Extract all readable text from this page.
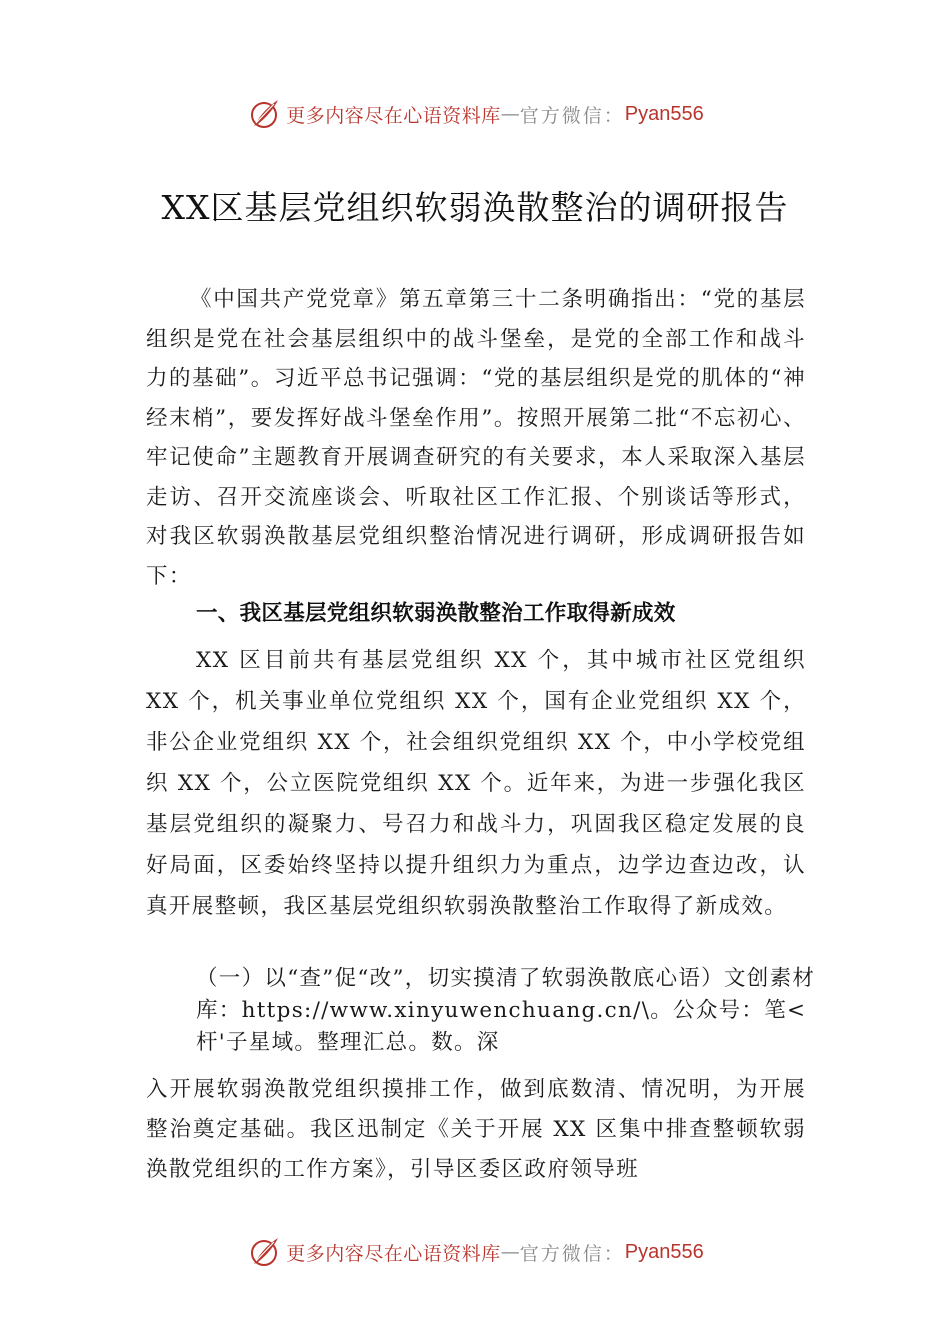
更多内容尽在心语资料库 — 官方微信： Pyan556
XX区基层党组织软弱涣散整治的调研报告

《中国共产党党章》第五章第三十二条明确指出：“党的基层组织是党在社会基层组织中的战斗堡垒，是党的全部工作和战斗力的基础”。习近平总书记强调：“党的基层组织是党的肌体的“神经末梢”，要发挥好战斗堡垒作用”。按照开展第二批“不忘初心、牢记使命”主题教育开展调查研究的有关要求，本人采取深入基层走访、召开交流座谈会、听取社区工作汇报、个别谈话等形式，对我区软弱涣散基层党组织整治情况进行调研，形成调研报告如下：

一、我区基层党组织软弱涣散整治工作取得新成效

XX 区目前共有基层党组织 XX 个，其中城市社区党组织 XX 个，机关事业单位党组织 XX 个，国有企业党组织 XX 个，非公企业党组织 XX 个，社会组织党组织 XX 个，中小学校党组织 XX 个，公立医院党组织 XX 个。近年来，为进一步强化我区基层党组织的凝聚力、号召力和战斗力，巩固我区稳定发展的良好局面，区委始终坚持以提升组织力为重点，边学边查边改，认真开展整顿，我区基层党组织软弱涣散整治工作取得了新成效。

（一）以“查”促“改”，切实摸清了软弱涣散底心语）文创素材库：https://www.xinyuwenchuang.cn/\。公众号：笔<杆'子星域。整理汇总。数。深

入开展软弱涣散党组织摸排工作，做到底数清、情况明，为开展整治奠定基础。我区迅制定《关于开展 XX 区集中排查整顿软弱涣散党组织的工作方案》，引导区委区政府领导班

更多内容尽在心语资料库 — 官方微信： Pyan556
